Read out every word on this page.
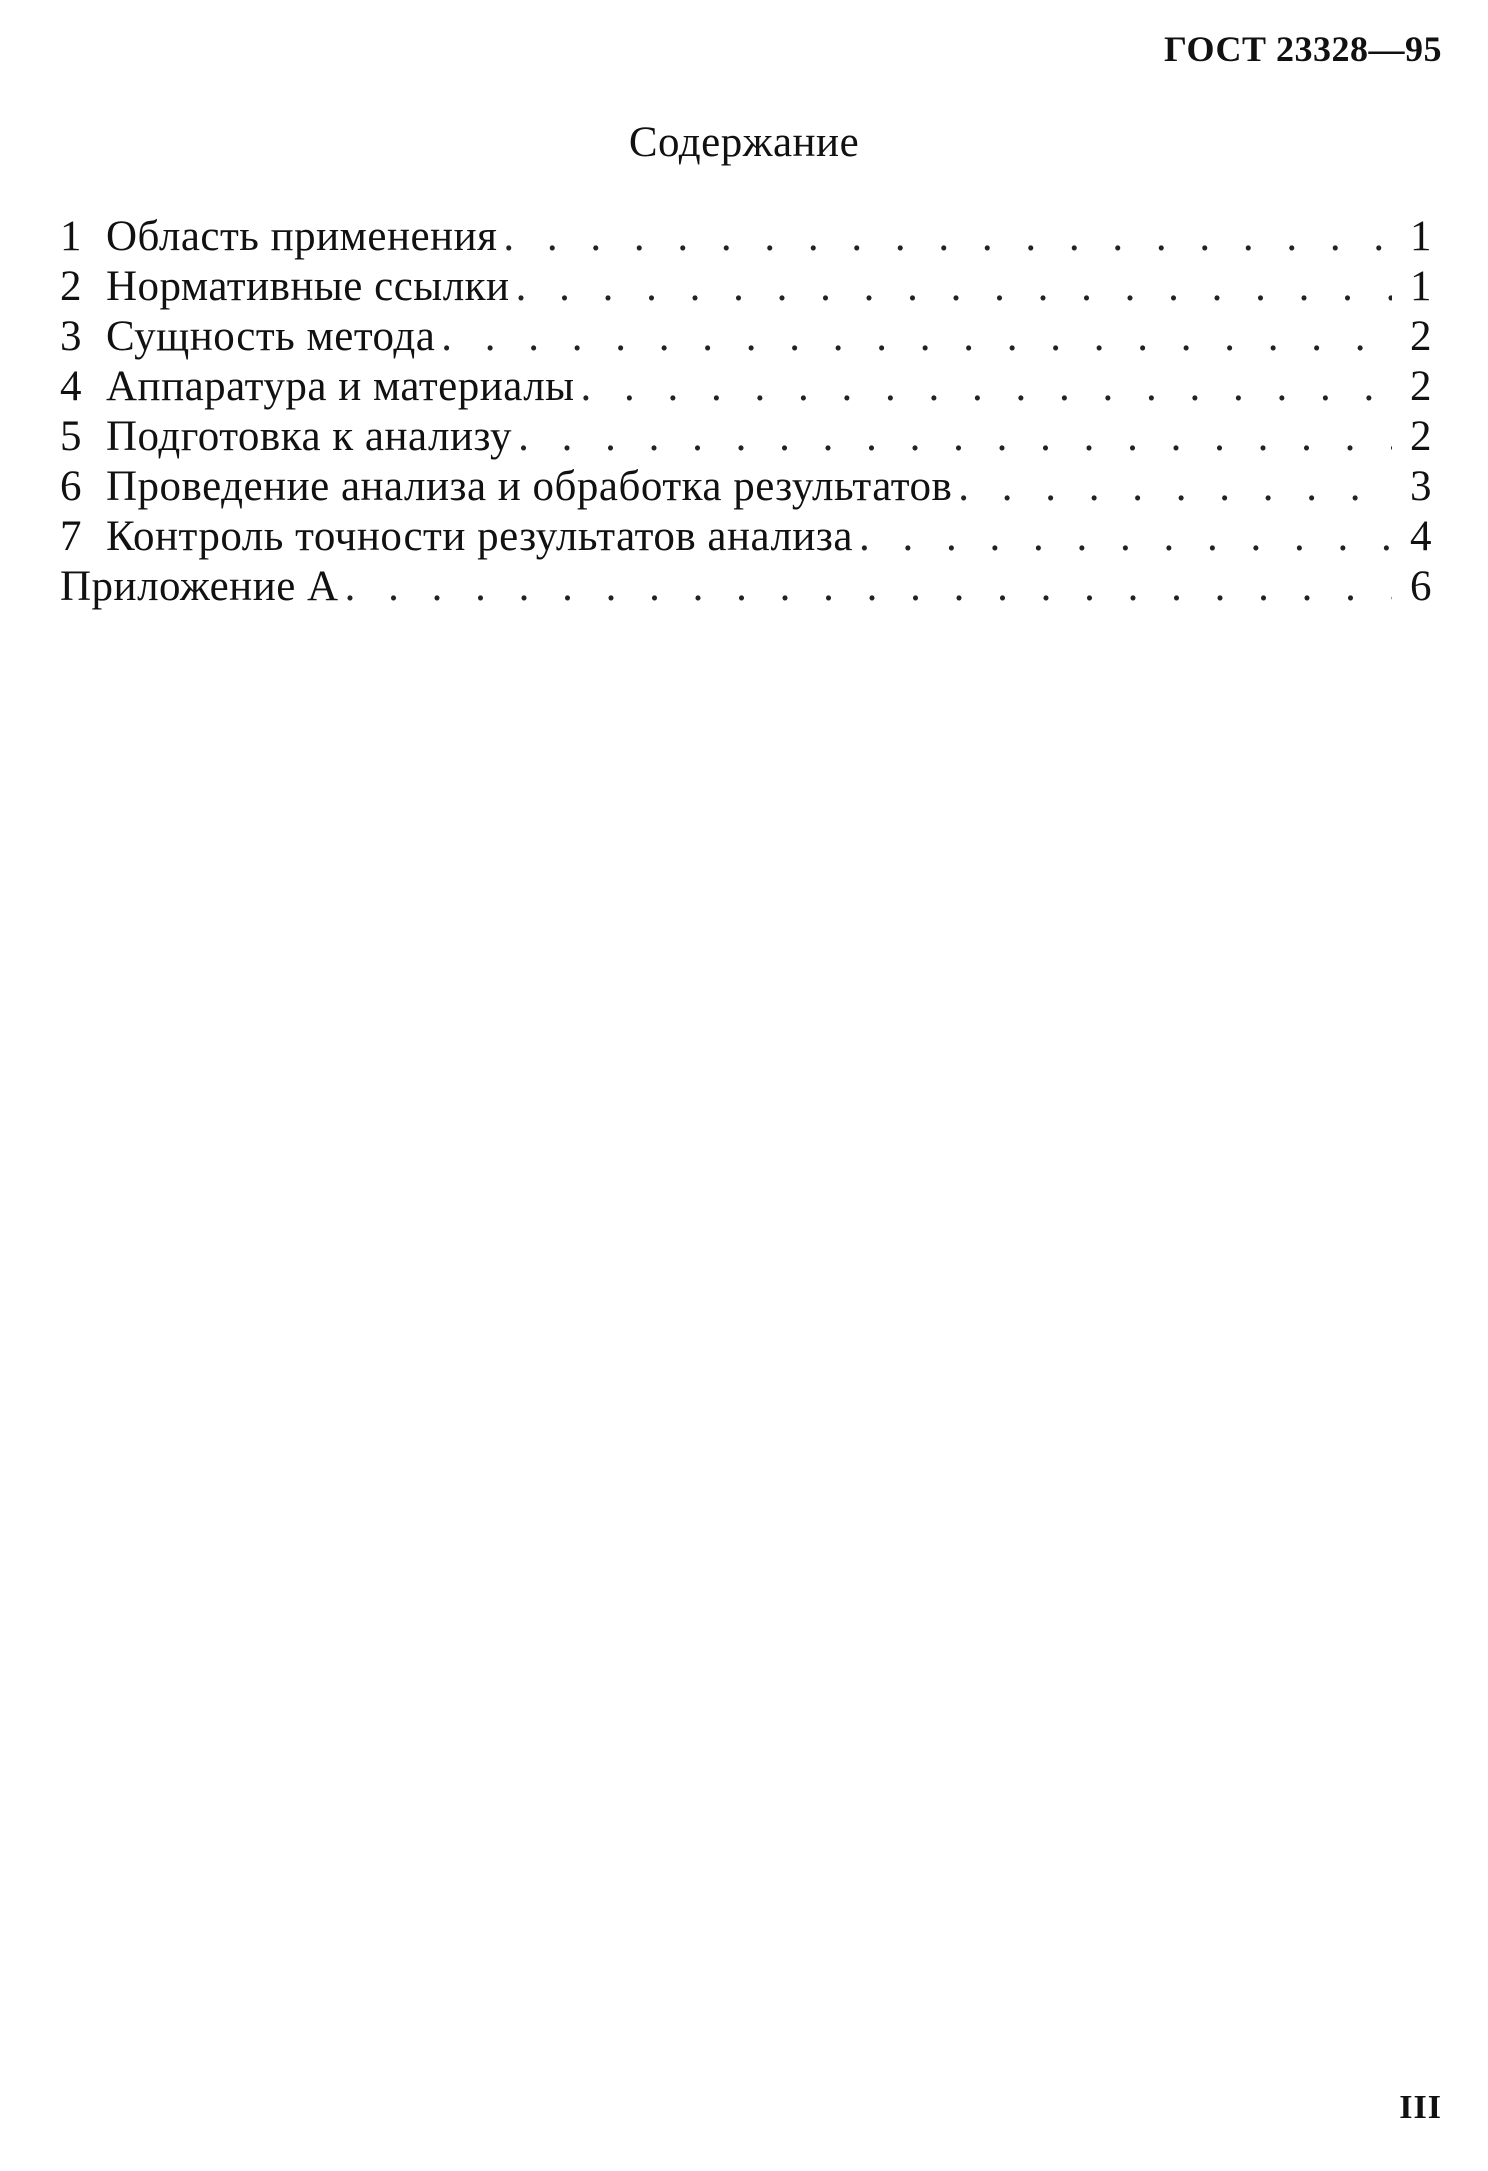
ГОСТ 23328—95
Содержание
1 Область применения . . .	1
2 Нормативные ссылки . . .	1
3 Сущность метода . . .	2
4 Аппаратура и материалы . . .	2
5 Подготовка к анализу . . .	2
6 Проведение анализа и обработка результатов . . .	3
7 Контроль точности результатов анализа . . .	4
Приложение А . . .	6
III
